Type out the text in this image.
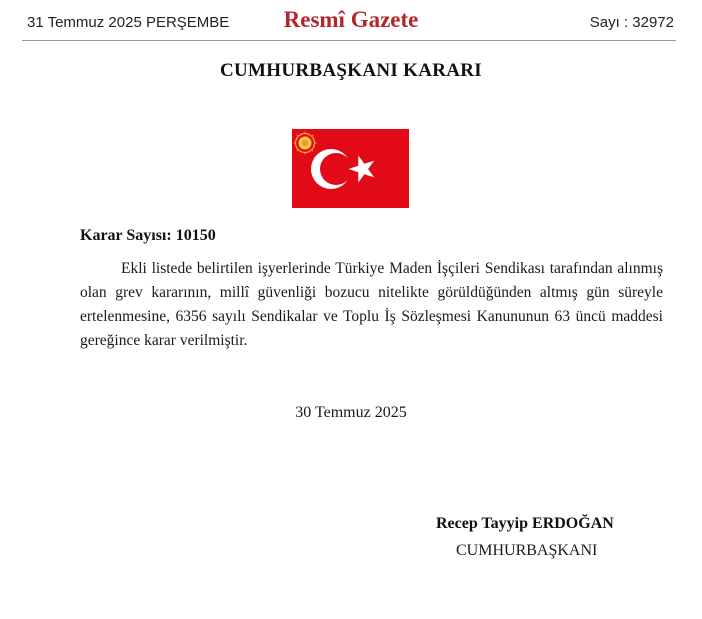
31 Temmuz 2025 PERŞEMBE	Resmî Gazete	Sayı : 32972
CUMHURBAŞKANI KARARI
Karar Sayısı: 10150

Ekli listede belirtilen işyerlerinde Türkiye Maden İşçileri Sendikası tarafından alınmış olan grev kararının, millî güvenliği bozucu nitelikte görüldüğünden altmış gün süreyle ertelenmesine, 6356 sayılı Sendikalar ve Toplu İş Sözleşmesi Kanununun 63 üncü maddesi gereğince karar verilmiştir.

30 Temmuz 2025
Recep Tayyip ERDOĞAN
CUMHURBAŞKANI
